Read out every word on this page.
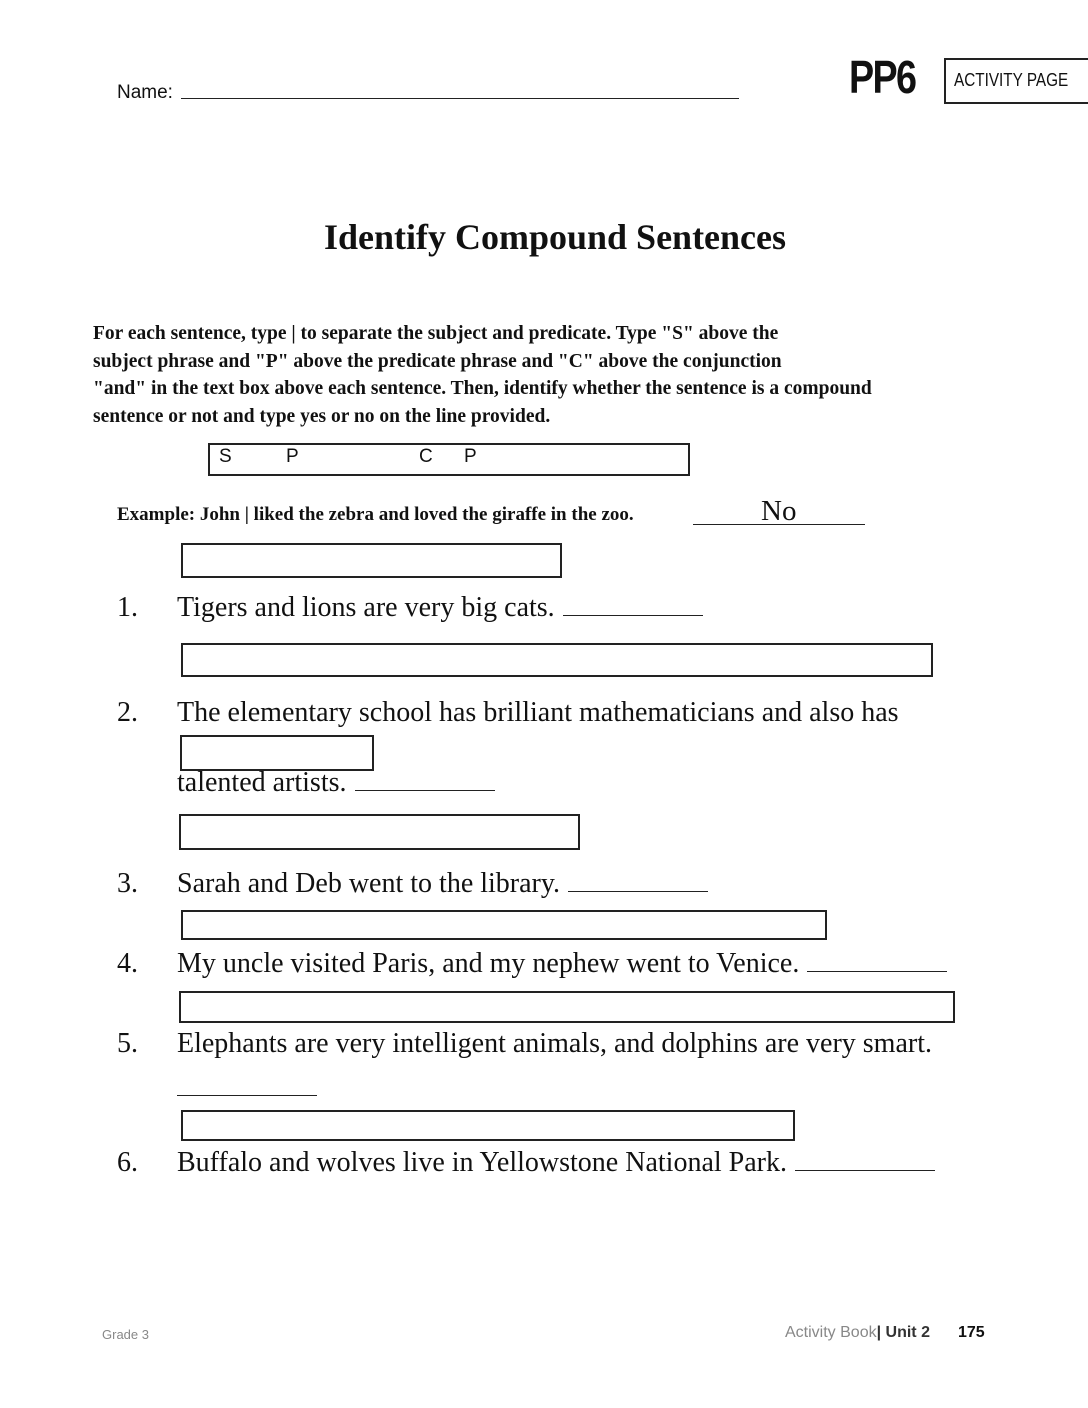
Name:	PP6 ACTIVITY PAGE
Identify Compound Sentences
For each sentence, type | to separate the subject and predicate. Type "S" above the
subject phrase and "P" above the predicate phrase and "C" above the conjunction
"and" in the text box above each sentence. Then, identify whether the sentence is a compound
sentence or not and type yes or no on the line provided.
S	P	C P
Example: John | liked the zebra and loved the giraffe in the zoo.	No
1. Tigers and lions are very big cats.
2. The elementary school has brilliant mathematicians and also has
talented artists.
3. Sarah and Deb went to the library.
4. My uncle visited Paris, and my nephew went to Venice.
5. Elephants are very intelligent animals, and dolphins are very smart.
6. Buffalo and wolves live in Yellowstone National Park.
Grade 3	Activity Book| Unit 2 175
